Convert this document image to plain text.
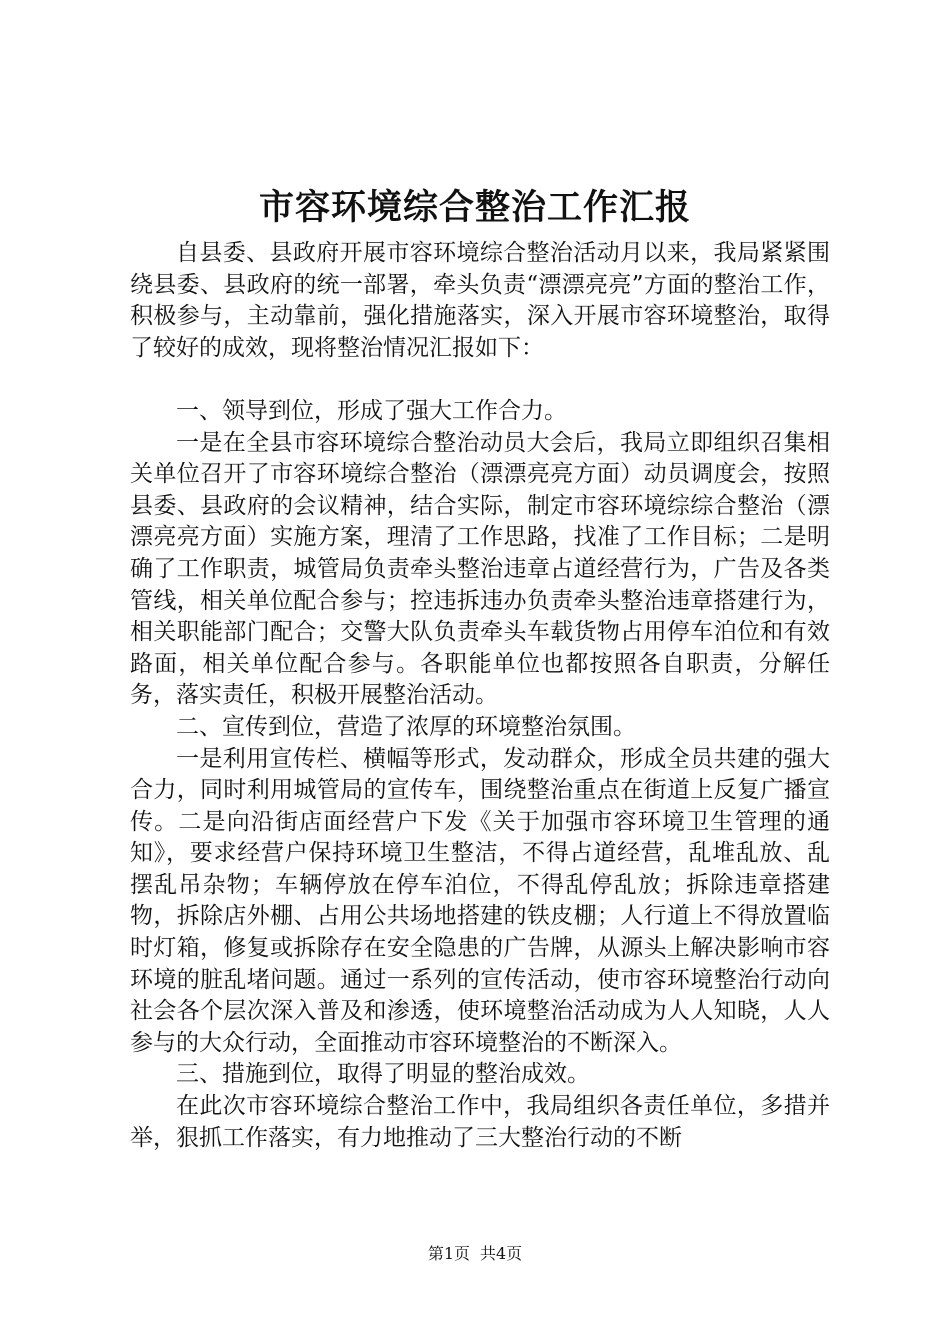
市容环境综合整治工作汇报

自县委、县政府开展市容环境综合整治活动月以来，我局紧紧围绕县委、县政府的统一部署，牵头负责“漂漂亮亮”方面的整治工作，积极参与，主动靠前，强化措施落实，深入开展市容环境整治，取得了较好的成效，现将整治情况汇报如下：

一、领导到位，形成了强大工作合力。

一是在全县市容环境综合整治动员大会后，我局立即组织召集相关单位召开了市容环境综合整治（漂漂亮亮方面）动员调度会，按照县委、县政府的会议精神，结合实际，制定市容环境综综合整治（漂漂亮亮方面）实施方案，理清了工作思路，找准了工作目标；二是明确了工作职责，城管局负责牵头整治违章占道经营行为，广告及各类管线，相关单位配合参与；控违拆违办负责牵头整治违章搭建行为，相关职能部门配合；交警大队负责牵头车载货物占用停车泊位和有效路面，相关单位配合参与。各职能单位也都按照各自职责，分解任务，落实责任，积极开展整治活动。

二、宣传到位，营造了浓厚的环境整治氛围。

一是利用宣传栏、横幅等形式，发动群众，形成全员共建的强大合力，同时利用城管局的宣传车，围绕整治重点在街道上反复广播宣传。二是向沿街店面经营户下发《关于加强市容环境卫生管理的通知》，要求经营户保持环境卫生整洁，不得占道经营，乱堆乱放、乱摆乱吊杂物；车辆停放在停车泊位，不得乱停乱放；拆除违章搭建物，拆除店外棚、占用公共场地搭建的铁皮棚；人行道上不得放置临时灯箱，修复或拆除存在安全隐患的广告牌，从源头上解决影响市容环境的脏乱堵问题。通过一系列的宣传活动，使市容环境整治行动向社会各个层次深入普及和渗透，使环境整治活动成为人人知晓，人人参与的大众行动，全面推动市容环境整治的不断深入。

三、措施到位，取得了明显的整治成效。

在此次市容环境综合整治工作中，我局组织各责任单位，多措并举，狠抓工作落实，有力地推动了三大整治行动的不断

第1页 共4页
